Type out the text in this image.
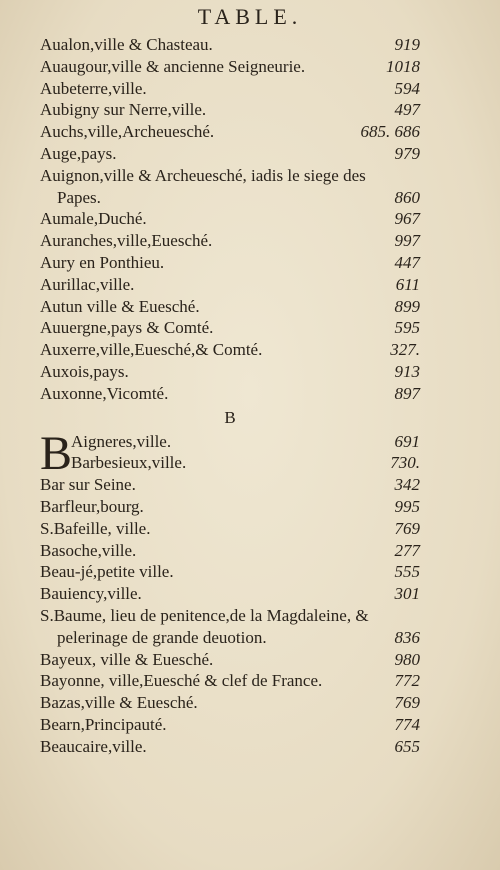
TABLE.
Aualon,ville & Chasteau.	919
Auaugour,ville & ancienne Seigneurie.	1018
Aubeterre,ville.	594
Aubigny sur Nerre,ville.	497
Auchs,ville,Archeuesché.	685. 686
Auge,pays.	979
Auignon,ville & Archeuesché, iadis le siege des
Papes.	860
Aumale,Duché.	967
Auranches,ville,Euesché.	997
Aury en Ponthieu.	447
Aurillac,ville.	611
Autun ville & Euesché.	899
Auuergne,pays & Comté.	595
Auxerre,ville,Euesché,& Comté.	327.
Auxois,pays.	913
Auxonne,Vicomté.	897
B
B
Aigneres,ville.	691
Barbesieux,ville.	730.
Bar sur Seine.	342
Barfleur,bourg.	995
S.Bafeille, ville.	769
Basoche,ville.	277
Beau-jé,petite ville.	555
Bauiency,ville.	301
S.Baume, lieu de penitence,de la Magdaleine, &
pelerinage de grande deuotion.	836
Bayeux, ville & Euesché.	980
Bayonne, ville,Euesché & clef de France.	772
Bazas,ville & Euesché.	769
Bearn,Principauté.	774
Beaucaire,ville.	655
